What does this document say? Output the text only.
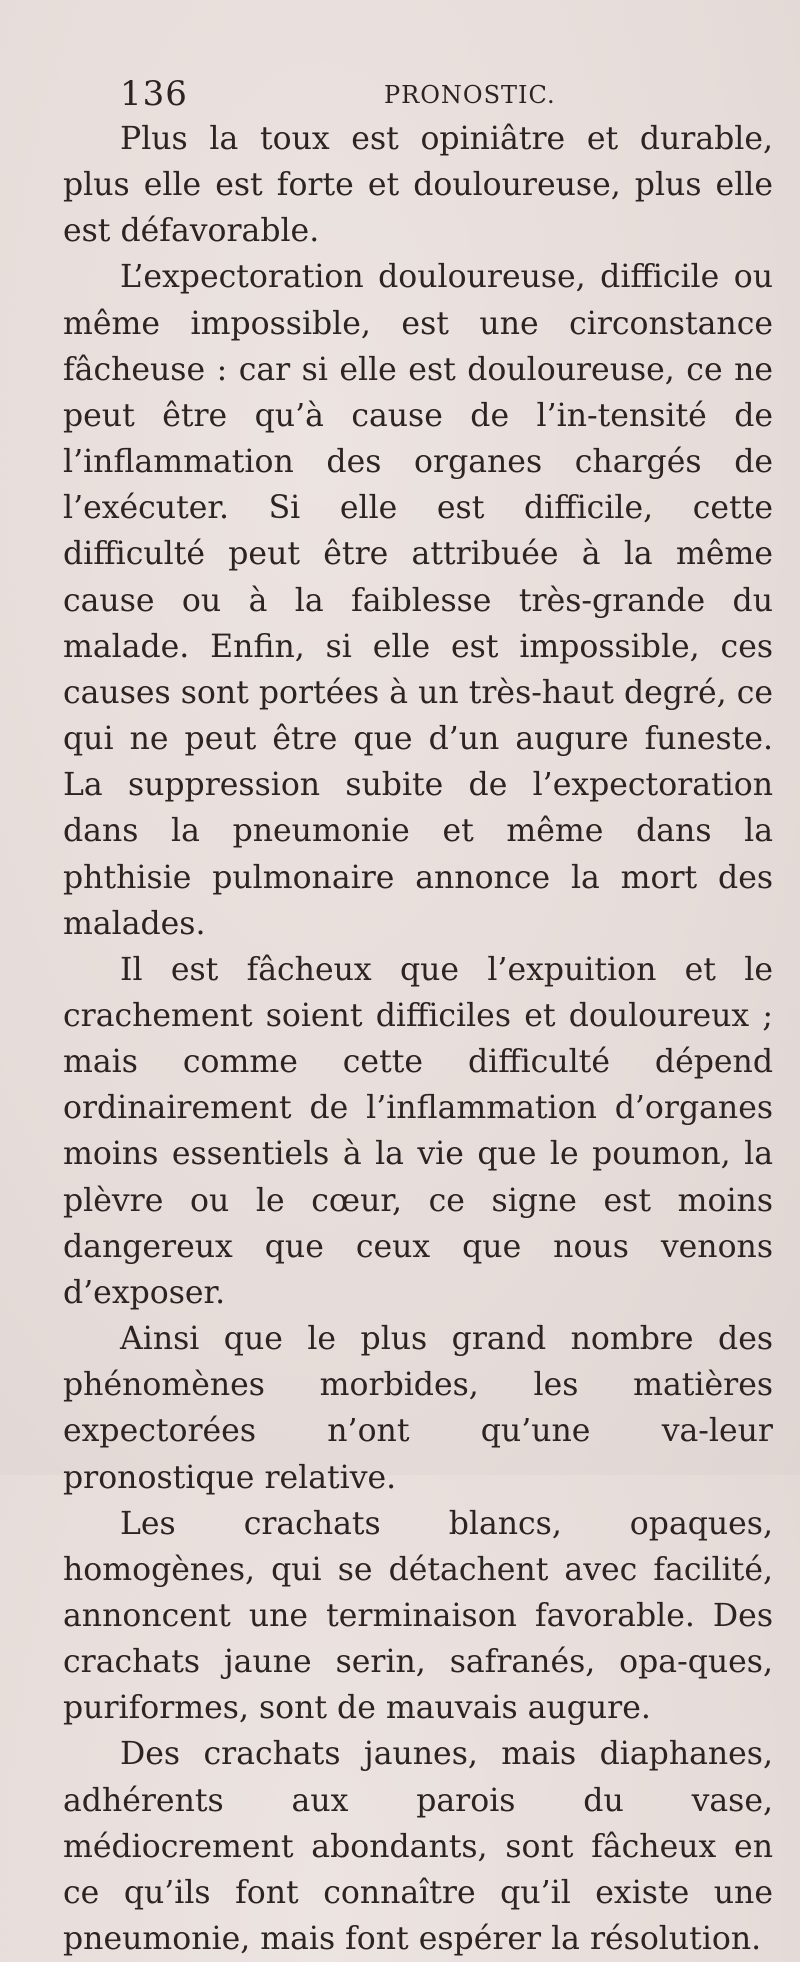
136	PRONOSTIC.

Plus la toux est opiniâtre et durable, plus elle est forte et douloureuse, plus elle est défavorable.

L’expectoration douloureuse, difficile ou même impossible, est une circonstance fâcheuse : car si elle est douloureuse, ce ne peut être qu’à cause de l’in-tensité de l’inflammation des organes chargés de l’exécuter. Si elle est difficile, cette difficulté peut être attribuée à la même cause ou à la faiblesse très-grande du malade. Enfin, si elle est impossible, ces causes sont portées à un très-haut degré, ce qui ne peut être que d’un augure funeste. La suppression subite de l’expectoration dans la pneumonie et même dans la phthisie pulmonaire annonce la mort des malades.

Il est fâcheux que l’expuition et le crachement soient difficiles et douloureux ; mais comme cette difficulté dépend ordinairement de l’inflammation d’organes moins essentiels à la vie que le poumon, la plèvre ou le cœur, ce signe est moins dangereux que ceux que nous venons d’exposer.

Ainsi que le plus grand nombre des phénomènes morbides, les matières expectorées n’ont qu’une va-leur pronostique relative.

Les crachats blancs, opaques, homogènes, qui se détachent avec facilité, annoncent une terminaison favorable. Des crachats jaune serin, safranés, opa-ques, puriformes, sont de mauvais augure.

Des crachats jaunes, mais diaphanes, adhérents aux parois du vase, médiocrement abondants, sont fâcheux en ce qu’ils font connaître qu’il existe une pneumonie, mais font espérer la résolution.
